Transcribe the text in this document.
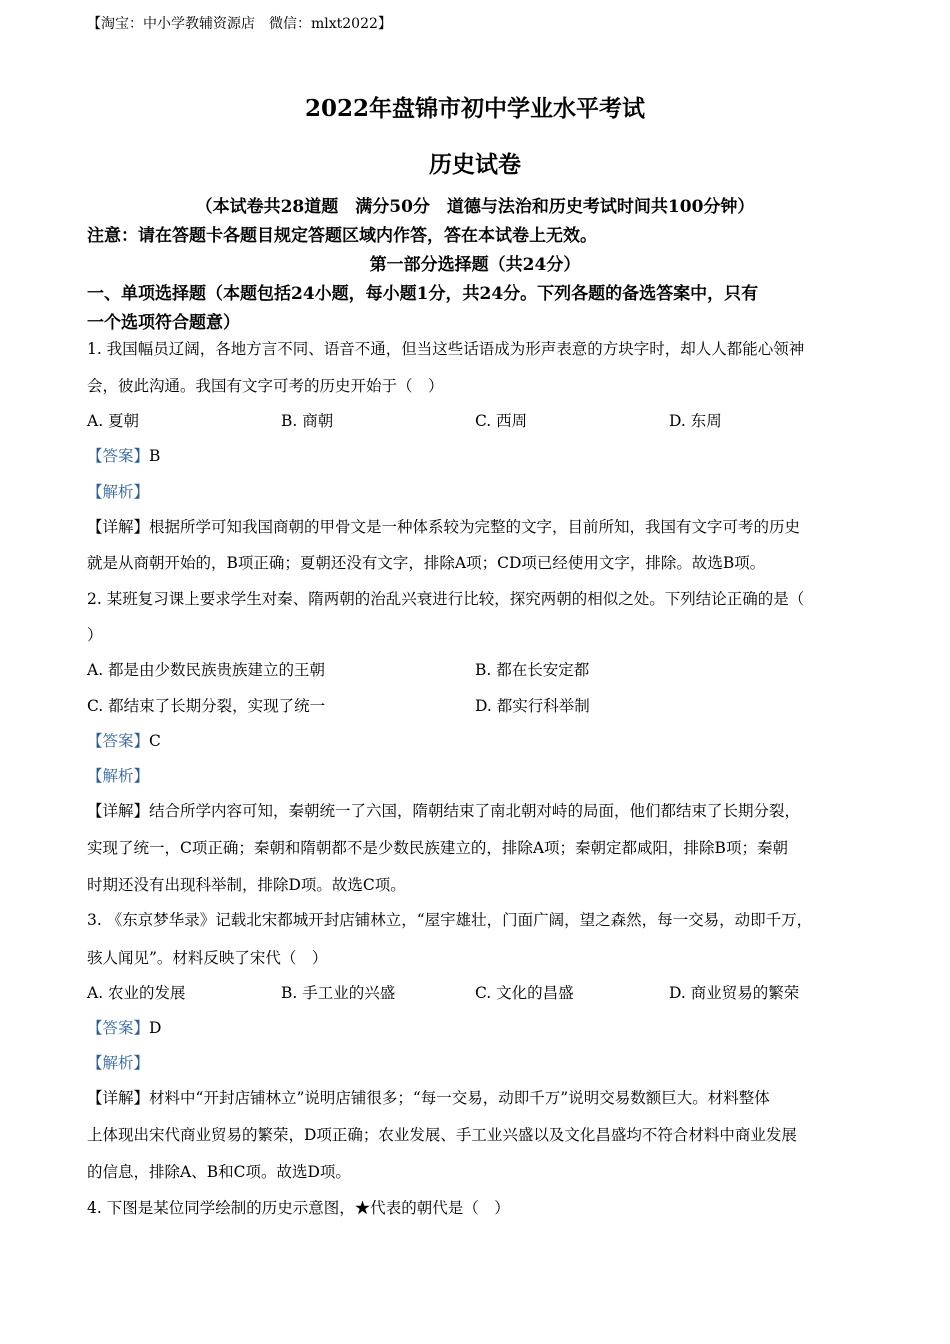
【淘宝：中小学教辅资源店　微信：mlxt2022】
2022年盘锦市初中学业水平考试
历史试卷
（本试卷共28道题　满分50分　道德与法治和历史考试时间共100分钟）
注意：请在答题卡各题目规定答题区域内作答，答在本试卷上无效。
第一部分选择题（共24分）
一、单项选择题（本题包括24小题，每小题1分，共24分。下列各题的备选答案中，只有
一个选项符合题意）
1. 我国幅员辽阔，各地方言不同、语音不通，但当这些话语成为形声表意的方块字时，却人人都能心领神
会，彼此沟通。我国有文字可考的历史开始于（　）
A. 夏朝	B. 商朝	C. 西周	D. 东周
【答案】B
【解析】
【详解】根据所学可知我国商朝的甲骨文是一种体系较为完整的文字，目前所知，我国有文字可考的历史
就是从商朝开始的，B项正确；夏朝还没有文字，排除A项；CD项已经使用文字，排除。故选B项。
2. 某班复习课上要求学生对秦、隋两朝的治乱兴衰进行比较，探究两朝的相似之处。下列结论正确的是（
）
A. 都是由少数民族贵族建立的王朝	B. 都在长安定都
C. 都结束了长期分裂，实现了统一	D. 都实行科举制
【答案】C
【解析】
【详解】结合所学内容可知，秦朝统一了六国，隋朝结束了南北朝对峙的局面，他们都结束了长期分裂，
实现了统一，C项正确；秦朝和隋朝都不是少数民族建立的，排除A项；秦朝定都咸阳，排除B项；秦朝
时期还没有出现科举制，排除D项。故选C项。
3. 《东京梦华录》记载北宋都城开封店铺林立，“屋宇雄壮，门面广阔，望之森然，每一交易，动即千万，
骇人闻见”。材料反映了宋代（　）
A. 农业的发展	B. 手工业的兴盛	C. 文化的昌盛	D. 商业贸易的繁荣
【答案】D
【解析】
【详解】材料中“开封店铺林立”说明店铺很多；“每一交易，动即千万”说明交易数额巨大。材料整体
上体现出宋代商业贸易的繁荣，D项正确；农业发展、手工业兴盛以及文化昌盛均不符合材料中商业发展
的信息，排除A、B和C项。故选D项。
4. 下图是某位同学绘制的历史示意图，★代表的朝代是（　）
